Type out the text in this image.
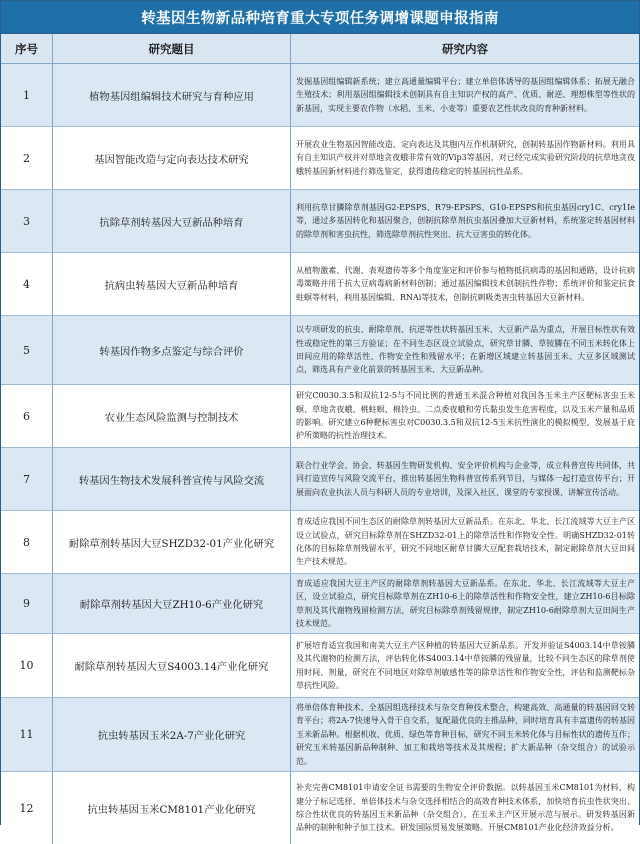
转基因生物新品种培育重大专项任务调增课题申报指南
序号	研究题目	研究内容
1	植物基因组编辑技术研究与育种应用
发掘基因组编辑新系统；建立高通量编辑平台；建立单倍体诱导的基因组编辑体系；拓展无融合生殖技术；利用基因组编辑技术创制具有自主知识产权的高产、优质、耐逆、理想株型等性状的新基因，实现主要农作物（水稻、玉米、小麦等）重要农艺性状改良的育种新材料。
2	基因智能改造与定向表达技术研究
开展农业生物基因智能改造、定向表达及其胞内互作机制研究，创制转基因作物新材料。利用具有自主知识产权并对草地贪夜蛾非常有效的Vip3等基因，对已经完成实验研究阶段的抗草地贪夜蛾转基因新材料进行筛选鉴定，获得遗传稳定的转基因抗性品系。
3	抗除草剂转基因大豆新品种培育
利用抗草甘膦除草剂基因G2-EPSPS、R79-EPSPS、G10-EPSPS和抗虫基因cry1C、cry1Ie等，通过多基因转化和基因聚合，创制抗除草剂抗虫基因叠加大豆新材料，系统鉴定转基因材料的除草剂和害虫抗性，筛选除草剂抗性突出、抗大豆害虫的转化体。
4	抗病虫转基因大豆新品种培育
从植物激素、代谢、表观遗传等多个角度鉴定和评价参与植物抵抗病毒的基因和通路，设计抗病毒策略并用于抗大豆病毒病新材料创制；通过基因编辑技术创制抗性作物；系统评价和鉴定抗食蛀螟等材料，利用基因编辑、RNAi等技术，创制抗刺吸类害虫转基因大豆新材料。
5	转基因作物多点鉴定与综合评价
以专项研发的抗虫、耐除草剂、抗逆等性状转基因玉米、大豆新产品为重点，开展目标性状有效性或稳定性的第三方验证；在不同生态区设立试验点，研究草甘膦、草铵膦在不同玉米转化体上田间应用的除草活性、作物安全性和残留水平；在新增区域建立转基因玉米、大豆多区域测试点，筛选具有产业化前景的转基因玉米、大豆新品种。
6	农业生态风险监测与控制技术
研究C0030.3.5和双抗12-5与不同比例的普通玉米混合种植对我国各玉米主产区靶标害虫玉米螟、草地贪夜蛾、桃蛀螟、棉铃虫、二点委夜蛾和劳氏黏虫发生危害程度，以及玉米产量和品质的影响。研究建立6种靶标害虫对C0030.3.5和双抗12-5玉米抗性演化的模拟模型，发展基于庇护所策略的抗性治理技术。
7	转基因生物技术发展科普宣传与风险交流
联合行业学会、协会、转基因生物研发机构、安全评价机构与企业等，成立科普宣传共同体，共同打造宣传与风险交流平台，推出转基因生物科普宣传系列节目，与媒体一起打造宣传平台；开展面向农业执法人员与科研人员的专业培训，及深入社区、课堂的专家授课、讲解宣传活动。
8	耐除草剂转基因大豆SHZD32-01产业化研究
育成适应我国不同生态区的耐除草剂转基因大豆新品系。在东北、华北、长江流域等大豆主产区设立试验点，研究目标除草剂在SHZD32-01上的除草活性和作物安全性。明确SHZD32-01转化体的目标除草剂残留水平，研究不同地区耐草甘膦大豆配套栽培技术，制定耐除草剂大豆田间生产技术规范。
9	耐除草剂转基因大豆ZH10-6产业化研究
育成适应我国大豆主产区的耐除草剂转基因大豆新品系。在东北、华北、长江流域等大豆主产区，设立试验点，研究目标除草剂在ZH10-6上的除草活性和作物安全性，建立ZH10-6目标除草剂及其代谢物残留检测方法，研究目标除草剂残留规律，制定ZH10-6耐除草剂大豆田间生产技术规范。
10	耐除草剂转基因大豆S4003.14产业化研究
扩展培育适宜我国和南美大豆主产区种植的转基因大豆新品系。开发并验证S4003.14中草铵膦及其代谢物的检测方法，评估转化体S4003.14中草铵膦的残留量，比较不同生态区的除草剂使用时间、剂量，研究在不同地区对除草剂敏感性等的除草活性和作物安全性，评估和监测靶标杂草抗性风险。
11	抗虫转基因玉米2A-7产业化研究
将单倍体育种技术、全基因组选择技术与杂交育种技术整合，构建高效、高通量的转基因回交转育平台；将2A-7快速导入骨干自交系，复配最优良的主推品种，同时培育具有丰富遗传的转基因玉米新品种。根据机收、优质、绿色等育种目标，研究不同玉米转化体与目标性状的遗传互作；研究玉米转基因新品种制种、加工和栽培等技术及其规程；扩大新品种（杂交组合）的试验示范。
12	抗虫转基因玉米CM8101产业化研究
补充完善CM8101申请安全证书需要的生物安全评价数据。以转基因玉米CM8101为材料，构建分子标记选择、单倍体技术与杂交选择相结合的高效育种技术体系，加快培育抗虫性状突出、综合性状优良的转基因玉米新品种（杂交组合），在玉米主产区开展示范与展示。研发转基因新品种的制种和种子加工技术。研发国际贸易发展策略。开展CM8101产业化经济效益分析。
